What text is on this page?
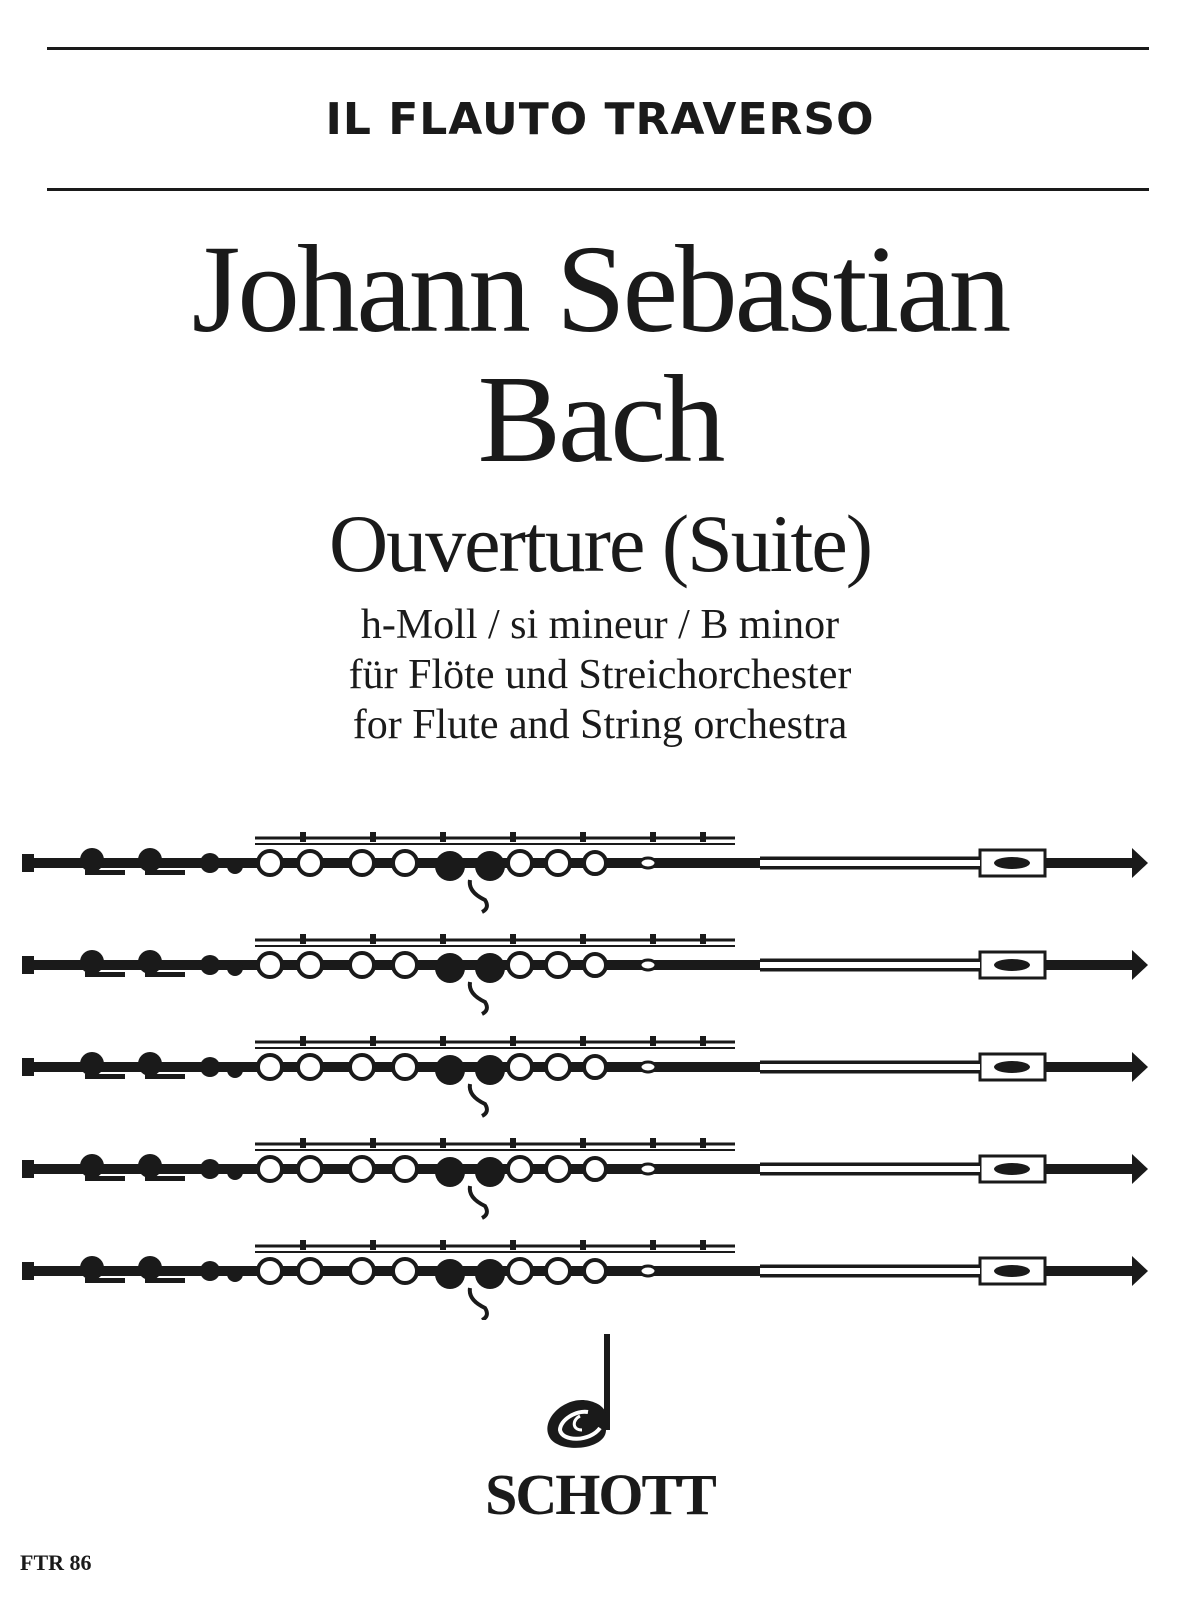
IL FLAUTO TRAVERSO
Johann Sebastian
Bach
Ouverture (Suite)
h-Moll / si mineur / B minor
für Flöte und Streichorchester
for Flute and String orchestra
SCHOTT
FTR 86
